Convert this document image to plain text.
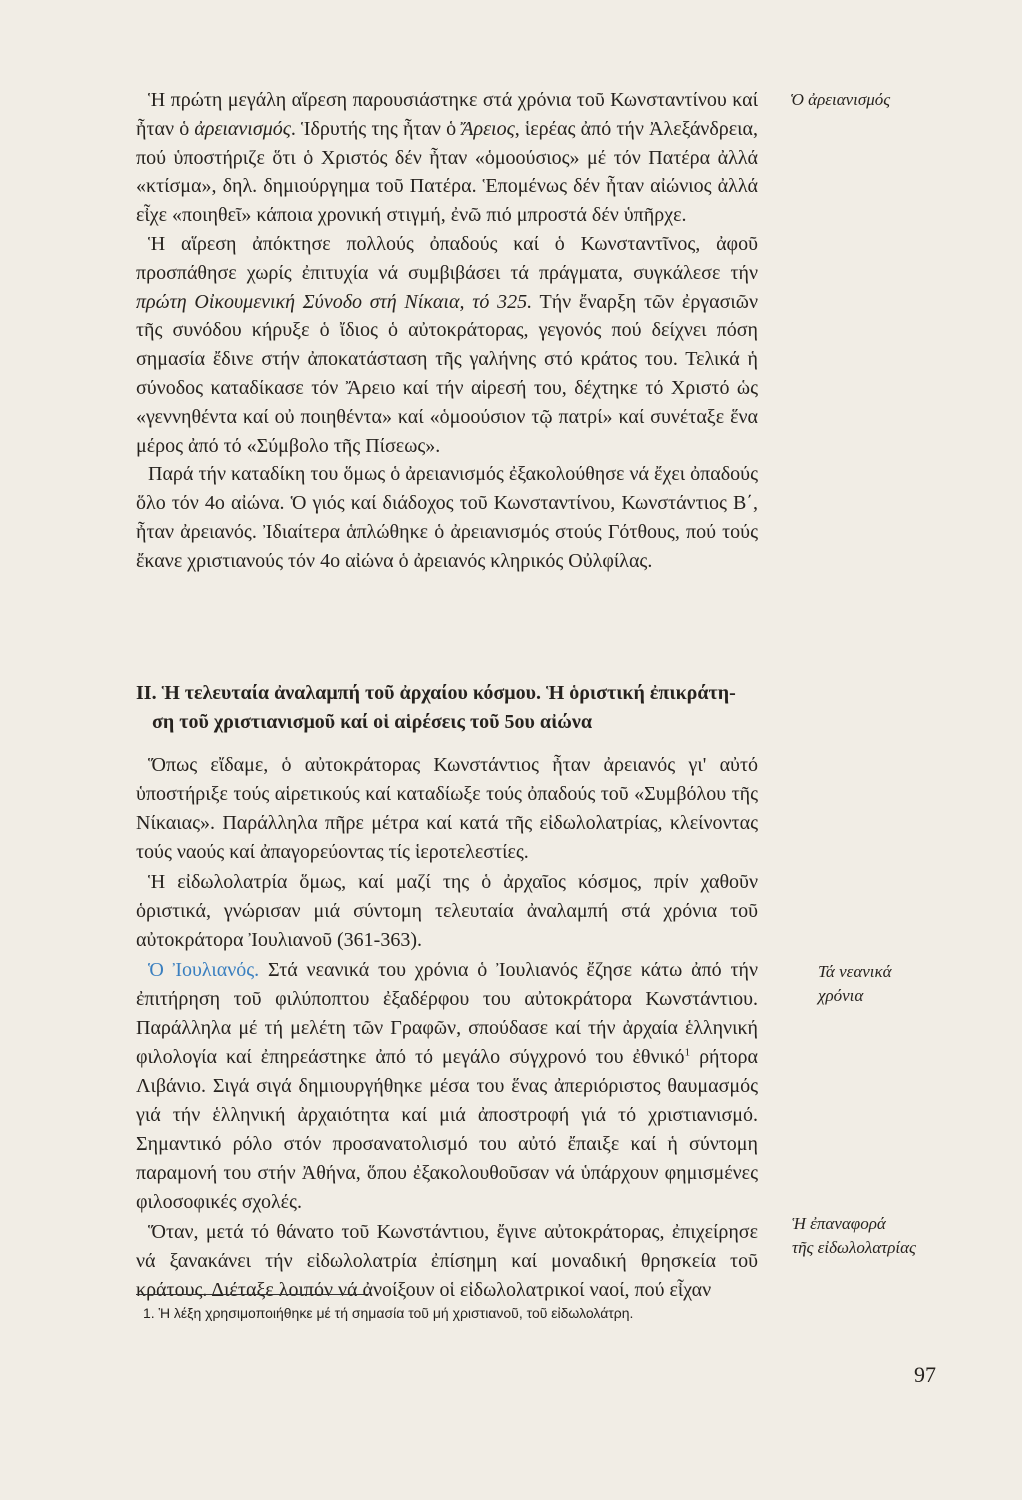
Ἡ πρώτη μεγάλη αἵρεση παρουσιάστηκε στά χρόνια τοῦ Κωνσταντίνου καί ἦταν ὁ ἀρειανισμός. Ἱδρυτής της ἦταν ὁ Ἄρειος, ἱερέας ἀπό τήν Ἀλεξάνδρεια, πού ὑποστήριζε ὅτι ὁ Χριστός δέν ἦταν «ὁμοούσιος» μέ τόν Πατέρα ἀλλά «κτίσμα», δηλ. δημιούργημα τοῦ Πατέρα. Ἑπομένως δέν ἦταν αἰώνιος ἀλλά εἶχε «ποιηθεῖ» κάποια χρονική στιγμή, ἐνῶ πιό μπροστά δέν ὑπῆρχε.

Ἡ αἵρεση ἀπόκτησε πολλούς ὀπαδούς καί ὁ Κωνσταντῖνος, ἀφοῦ προσπάθησε χωρίς ἐπιτυχία νά συμβιβάσει τά πράγματα, συγκάλεσε τήν πρώτη Οἰκουμενική Σύνοδο στή Νίκαια, τό 325. Τήν ἔναρξη τῶν ἐργασιῶν τῆς συνόδου κήρυξε ὁ ἴδιος ὁ αὐτοκράτορας, γεγονός πού δείχνει πόση σημασία ἔδινε στήν ἀποκατάσταση τῆς γαλήνης στό κράτος του. Τελικά ἡ σύνοδος καταδίκασε τόν Ἄρειο καί τήν αἱρεσή του, δέχτηκε τό Χριστό ὡς «γεννηθέντα καί οὐ ποιηθέντα» καί «ὁμοούσιον τῷ πατρί» καί συνέταξε ἕνα μέρος ἀπό τό «Σύμβολο τῆς Πίσεως».

Παρά τήν καταδίκη του ὅμως ὁ ἀρειανισμός ἐξακολούθησε νά ἔχει ὀπαδούς ὅλο τόν 4ο αἰώνα. Ὁ γιός καί διάδοχος τοῦ Κωνσταντίνου, Κωνστάντιος Β΄, ἦταν ἀρειανός. Ἰδιαίτερα ἁπλώθηκε ὁ ἀρειανισμός στούς Γότθους, πού τούς ἔκανε χριστιανούς τόν 4ο αἰώνα ὁ ἀρειανός κληρικός Οὐλφίλας.

Ὁ ἀρειανισμός
II. Ἡ τελευταία ἀναλαμπή τοῦ ἀρχαίου κόσμου. Ἡ ὁριστική ἐπικράτη-
ση τοῦ χριστιανισμοῦ καί οἱ αἱρέσεις τοῦ 5ου αἰώνα

Ὅπως εἴδαμε, ὁ αὐτοκράτορας Κωνστάντιος ἦταν ἀρειανός γι' αὐτό ὑποστήριξε τούς αἱρετικούς καί καταδίωξε τούς ὀπαδούς τοῦ «Συμβόλου τῆς Νίκαιας». Παράλληλα πῆρε μέτρα καί κατά τῆς εἰδωλολατρίας, κλείνοντας τούς ναούς καί ἀπαγορεύοντας τίς ἱεροτελεστίες.

Ἡ εἰδωλολατρία ὅμως, καί μαζί της ὁ ἀρχαῖος κόσμος, πρίν χαθοῦν ὁριστικά, γνώρισαν μιά σύντομη τελευταία ἀναλαμπή στά χρόνια τοῦ αὐτοκράτορα Ἰουλιανοῦ (361-363).

Ὁ Ἰουλιανός. Στά νεανικά του χρόνια ὁ Ἰουλιανός ἔζησε κάτω ἀπό τήν ἐπιτήρηση τοῦ φιλύποπτου ἐξαδέρφου του αὐτοκράτορα Κωνστάντιου. Παράλληλα μέ τή μελέτη τῶν Γραφῶν, σπούδασε καί τήν ἀρχαία ἑλληνική φιλολογία καί ἐπηρεάστηκε ἀπό τό μεγάλο σύγχρονό του ἐθνικό$^1$ ρήτορα Λιβάνιο. Σιγά σιγά δημιουργήθηκε μέσα του ἕνας ἀπεριόριστος θαυμασμός γιά τήν ἑλληνική ἀρχαιότητα καί μιά ἀποστροφή γιά τό χριστιανισμό. Σημαντικό ρόλο στόν προσανατολισμό του αὐτό ἔπαιξε καί ἡ σύντομη παραμονή του στήν Ἀθήνα, ὅπου ἐξακολουθοῦσαν νά ὑπάρχουν φημισμένες φιλοσοφικές σχολές.

Ὅταν, μετά τό θάνατο τοῦ Κωνστάντιου, ἔγινε αὐτοκράτορας, ἐπιχείρησε νά ξανακάνει τήν εἰδωλολατρία ἐπίσημη καί μοναδική θρησκεία τοῦ κράτους. Διέταξε λοιπόν νά ἀνοίξουν οἱ εἰδωλολατρικοί ναοί, πού εἶχαν

Τά νεανικά
χρόνια
Ἡ ἐπαναφορά
τῆς εἰδωλολατρίας
1. Ἡ λέξη χρησιμοποιήθηκε μέ τή σημασία τοῦ μή χριστιανοῦ, τοῦ εἰδωλολάτρη.
97
